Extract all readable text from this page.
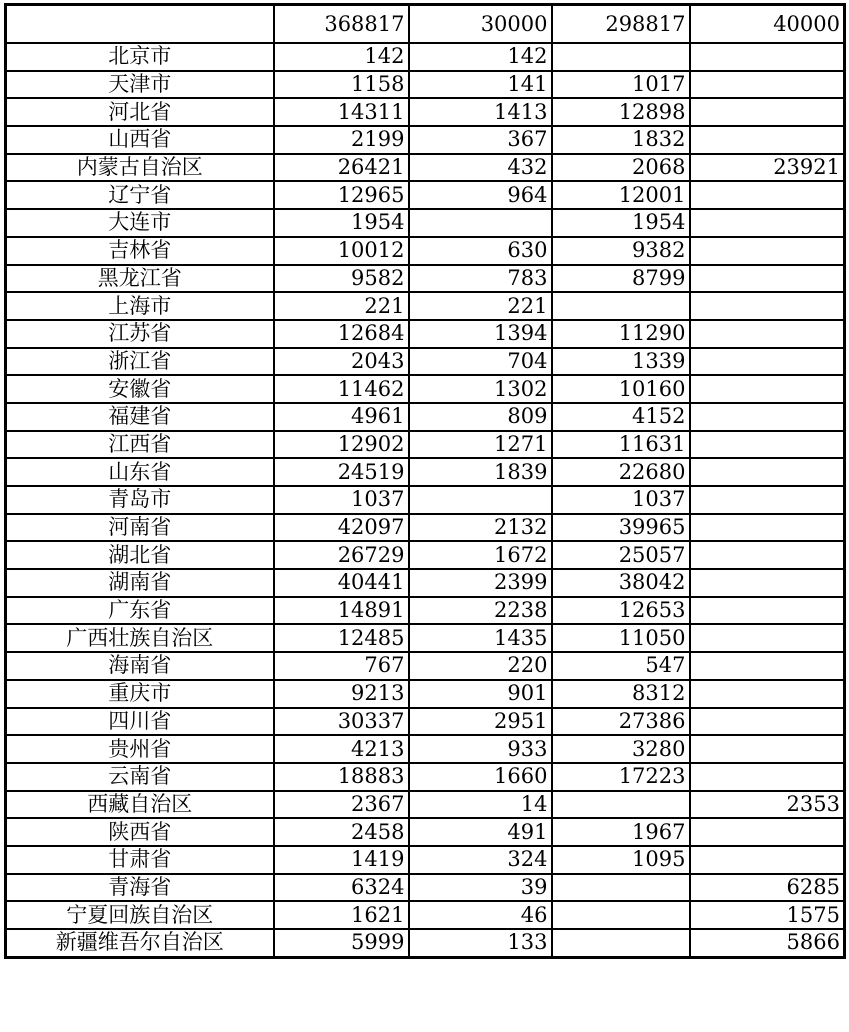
	368817	30000	298817	40000
北京市	142	142		
天津市	1158	141	1017	
河北省	14311	1413	12898	
山西省	2199	367	1832	
内蒙古自治区	26421	432	2068	23921
辽宁省	12965	964	12001	
大连市	1954		1954	
吉林省	10012	630	9382	
黑龙江省	9582	783	8799	
上海市	221	221		
江苏省	12684	1394	11290	
浙江省	2043	704	1339	
安徽省	11462	1302	10160	
福建省	4961	809	4152	
江西省	12902	1271	11631	
山东省	24519	1839	22680	
青岛市	1037		1037	
河南省	42097	2132	39965	
湖北省	26729	1672	25057	
湖南省	40441	2399	38042	
广东省	14891	2238	12653	
广西壮族自治区	12485	1435	11050	
海南省	767	220	547	
重庆市	9213	901	8312	
四川省	30337	2951	27386	
贵州省	4213	933	3280	
云南省	18883	1660	17223	
西藏自治区	2367	14		2353
陕西省	2458	491	1967	
甘肃省	1419	324	1095	
青海省	6324	39		6285
宁夏回族自治区	1621	46		1575
新疆维吾尔自治区	5999	133		5866
